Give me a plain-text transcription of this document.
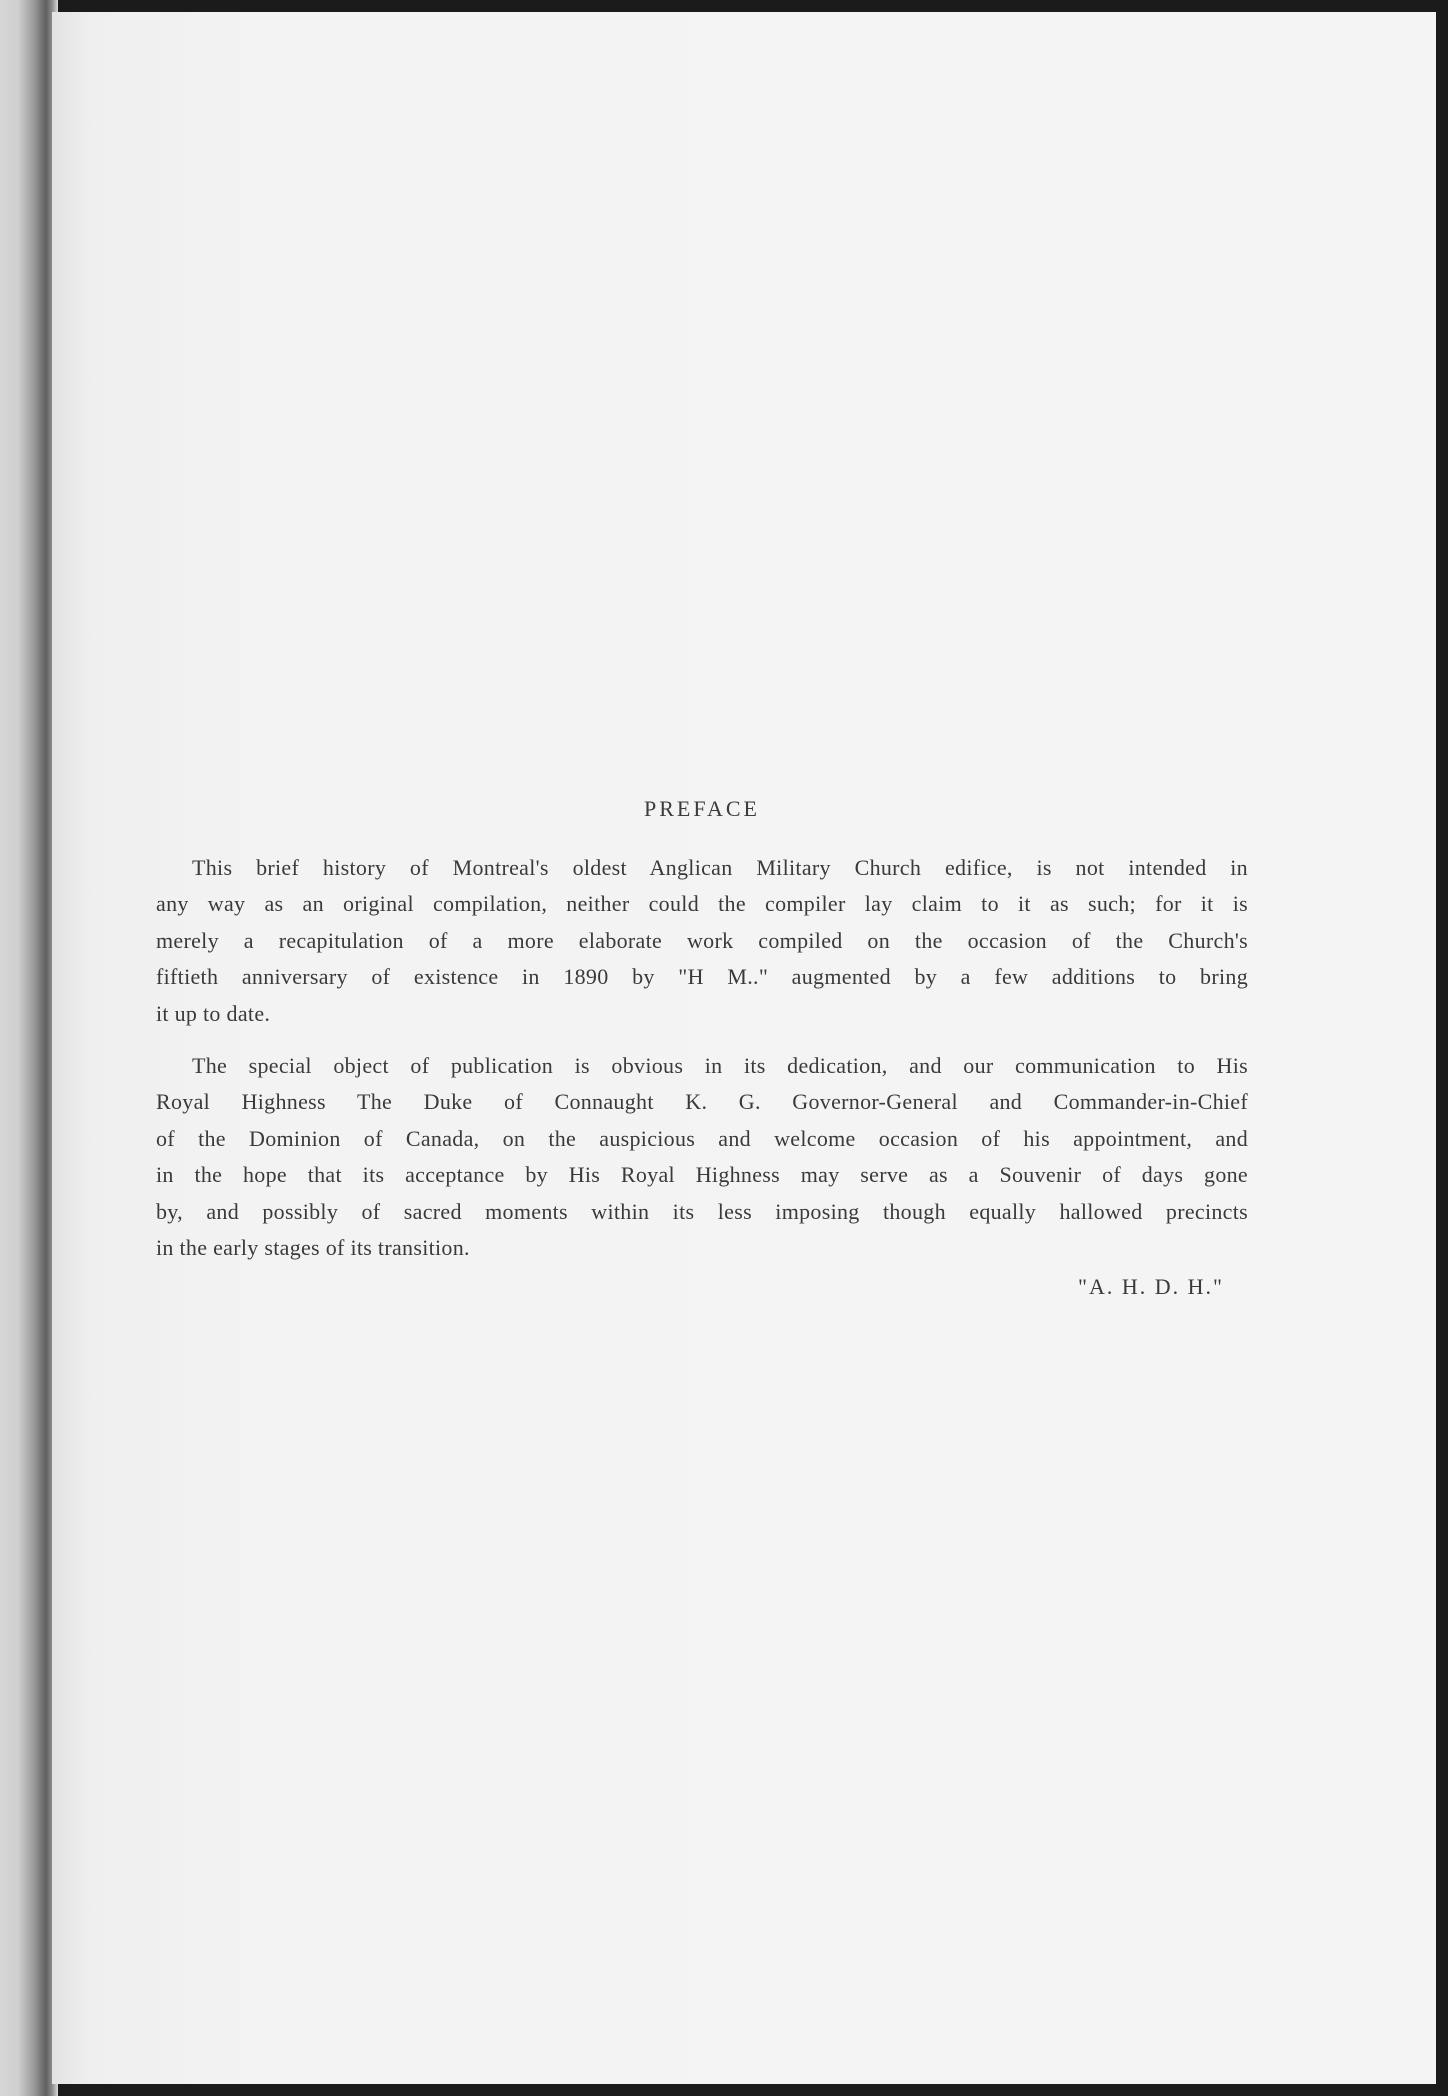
PREFACE
This brief history of Montreal's oldest Anglican Military Church edifice, is not intended in
any way as an original compilation, neither could the compiler lay claim to it as such; for it is
merely a recapitulation of a more elaborate work compiled on the occasion of the Church's
fiftieth anniversary of existence in 1890 by "H M.." augmented by a few additions to bring
it up to date.
The special object of publication is obvious in its dedication, and our communication to His
Royal Highness The Duke of Connaught K. G. Governor-General and Commander-in-Chief
of the Dominion of Canada, on the auspicious and welcome occasion of his appointment, and
in the hope that its acceptance by His Royal Highness may serve as a Souvenir of days gone
by, and possibly of sacred moments within its less imposing though equally hallowed precincts
in the early stages of its transition.
"A. H. D. H."
